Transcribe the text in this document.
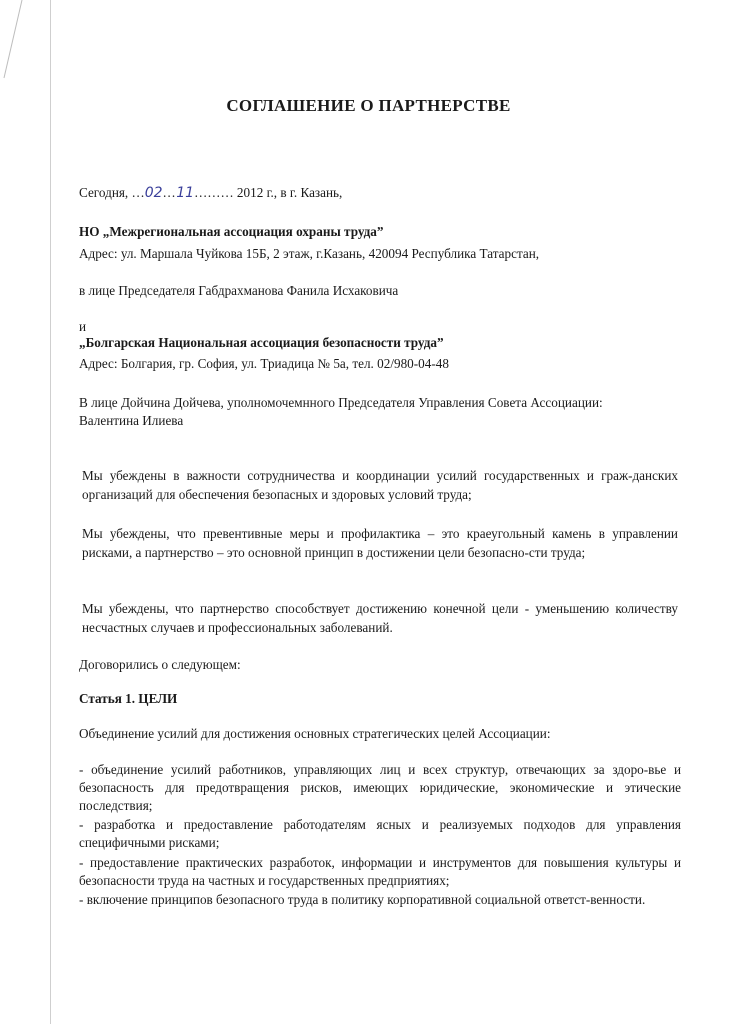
СОГЛАШЕНИЕ О ПАРТНЕРСТВЕ
Сегодня, …02…11……… 2012 г., в г. Казань,
НО „Межрегиональная ассоциация охраны труда”
Адрес: ул. Маршала Чуйкова 15Б, 2 этаж, г.Казань, 420094 Республика Татарстан,
в лице Председателя Габдрахманова Фанила Исхаковича
и
„Болгарская Национальная ассоциация безопасности труда”
Адрес: Болгария, гр. София, ул. Триадица № 5а, тел. 02/980-04-48
В лице Дойчина Дойчева, уполномочемнного Председателя Управления Совета Ассоциации:
Валентина Илиева
Мы убеждены в важности сотрудничества и координации усилий государственных и граж-данских организаций для обеспечения безопасных и здоровых условий труда;
Мы убеждены, что превентивные меры и профилактика – это краеугольный камень в управлении рисками, а партнерство – это основной принцип в достижении цели безопасно-сти труда;
Мы убеждены, что партнерство способствует достижению конечной цели - уменьшению количеству несчастных случаев и профессиональных заболеваний.
Договорились о следующем:
Статья 1. ЦЕЛИ
Объединение усилий для достижения основных стратегических целей Ассоциации:
- объединение усилий работников, управляющих лиц и всех структур, отвечающих за здоро-вье и безопасность для предотвращения рисков, имеющих юридические, экономические и этические последствия;
- разработка и предоставление работодателям ясных и реализуемых подходов для управления специфичными рисками;
- предоставление практических разработок, информации и инструментов для повышения культуры и безопасности труда на частных и государственных предприятиях;
- включение принципов безопасного труда в политику корпоративной социальной ответст-венности.
